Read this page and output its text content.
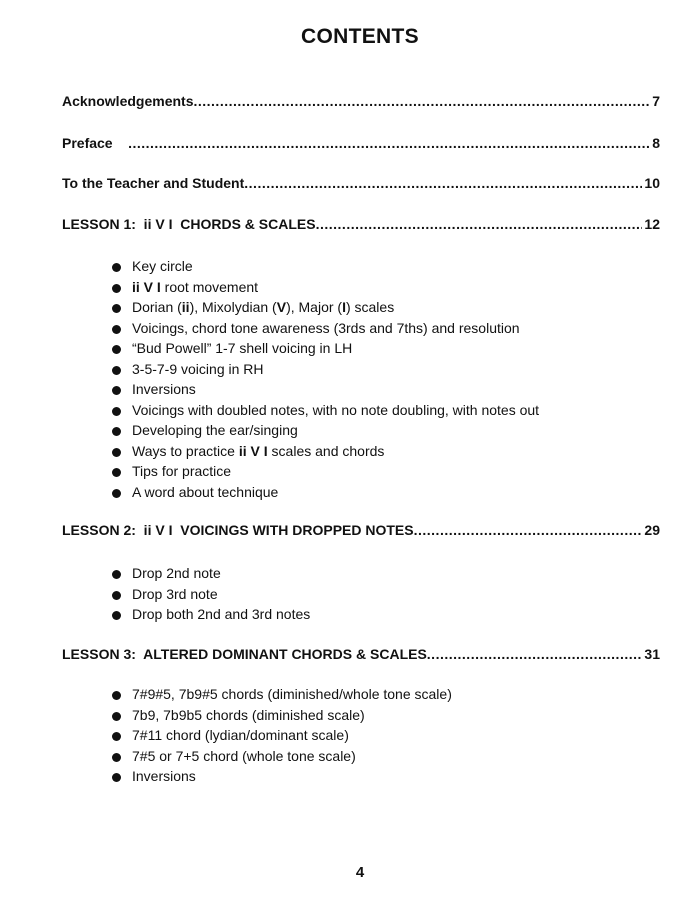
CONTENTS
Acknowledgements .....	7
Preface .....	8
To the Teacher and Student .....	10
LESSON 1:  ii V I  CHORDS & SCALES .....	12
Key circle
ii V I root movement
Dorian (ii), Mixolydian (V), Major (I) scales
Voicings, chord tone awareness (3rds and 7ths) and resolution
“Bud Powell” 1-7 shell voicing in LH
3-5-7-9 voicing in RH
Inversions
Voicings with doubled notes, with no note doubling, with notes out
Developing the ear/singing
Ways to practice ii V I scales and chords
Tips for practice
A word about technique
LESSON 2:  ii V I  VOICINGS WITH DROPPED NOTES .....	29
Drop 2nd note
Drop 3rd note
Drop both 2nd and 3rd notes
LESSON 3:  ALTERED DOMINANT CHORDS & SCALES .....	31
7#9#5, 7b9#5 chords (diminished/whole tone scale)
7b9, 7b9b5 chords (diminished scale)
7#11 chord (lydian/dominant scale)
7#5 or 7+5 chord (whole tone scale)
Inversions
4
